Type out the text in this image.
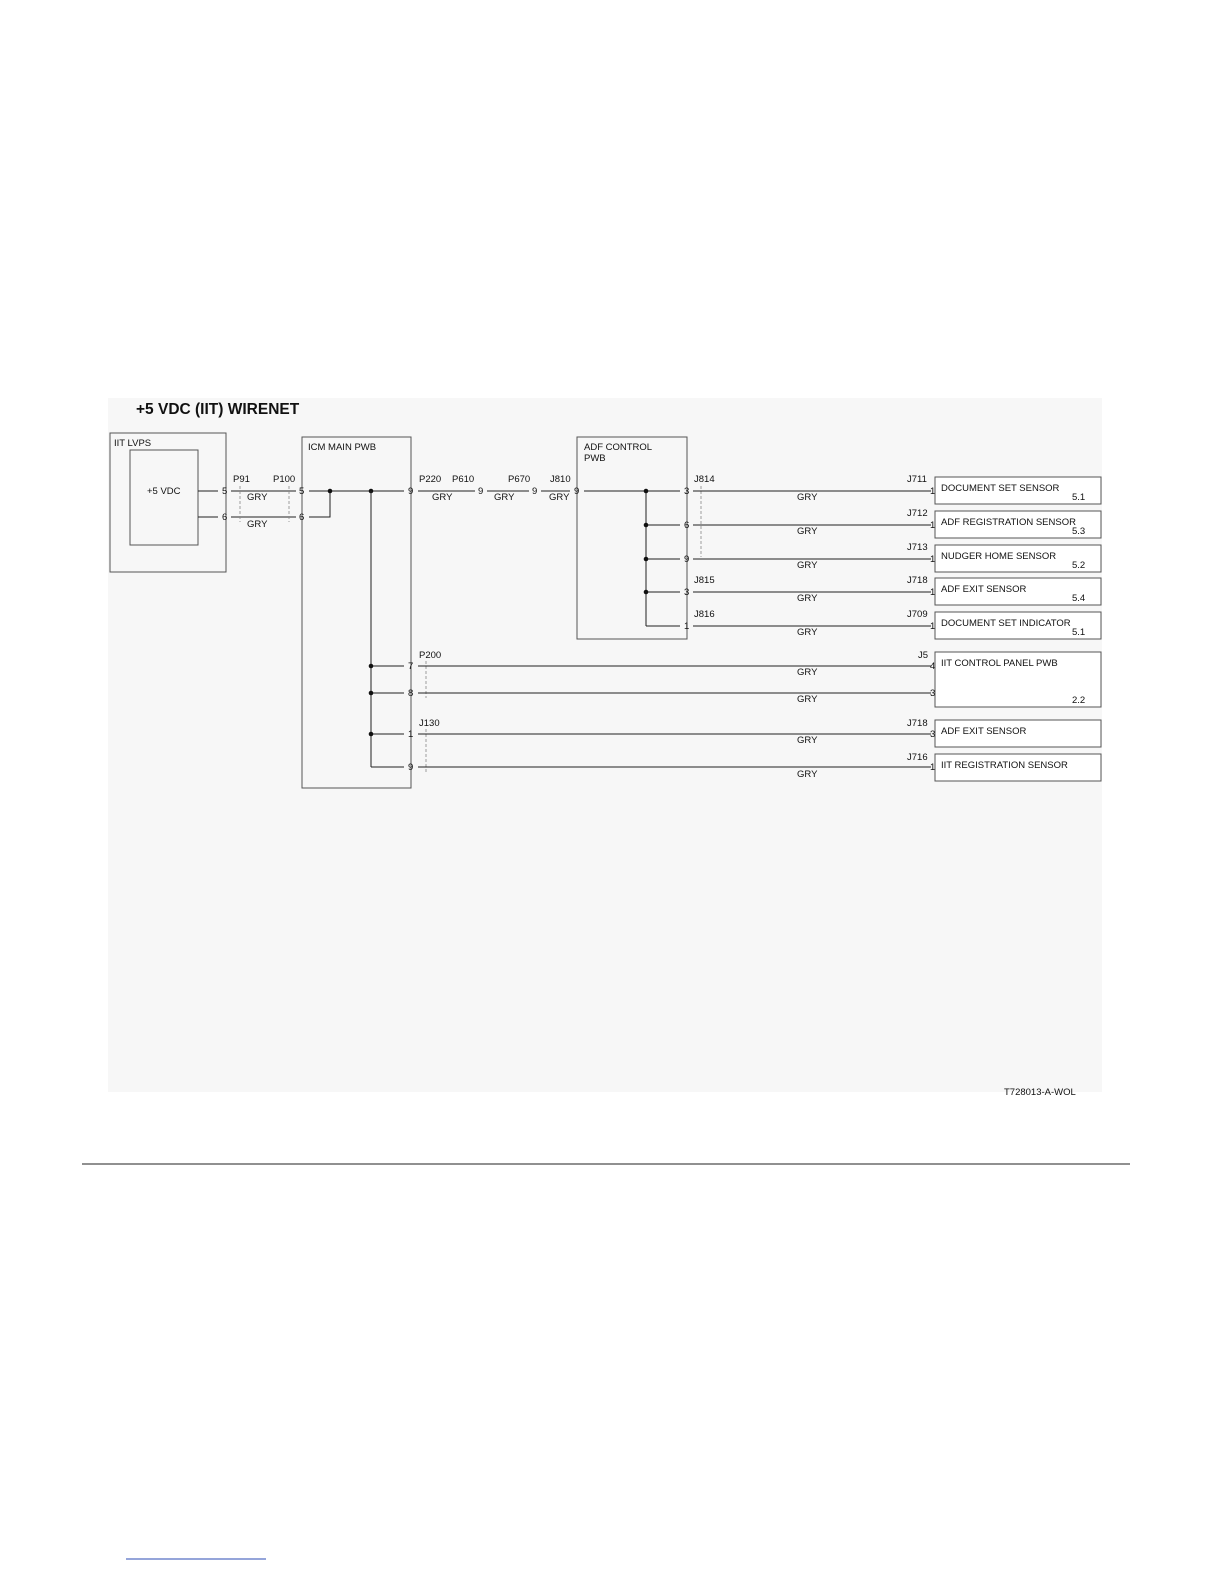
+5 VDC (IIT) WIRENET
IIT LVPS
+5 VDC	5
6
P91 P100
GRY
GRY
ICM MAIN PWB
5
6
9
P220 P610	P670 J810
9	9
GRY	GRY	GRY
ADF CONTROL
PWB
9
J814
J815
J816
3
GRY
J711
1 DOCUMENT SET SENSOR
5.1
6
GRY
J712
1 ADF REGISTRATION SENSOR
5.3
9
GRY
J713
1 NUDGER HOME SENSOR
5.2
3
GRY
J718
1 ADF EXIT SENSOR
5.4
1
GRY
J709
1 DOCUMENT SET INDICATOR
5.1
P200
7
8
GRY
GRY
J5
4
3
IIT CONTROL PANEL PWB
2.2
J130
1
9
GRY
GRY
J718
3 ADF EXIT SENSOR
J716
1 IIT REGISTRATION SENSOR
T728013-A-WOL
